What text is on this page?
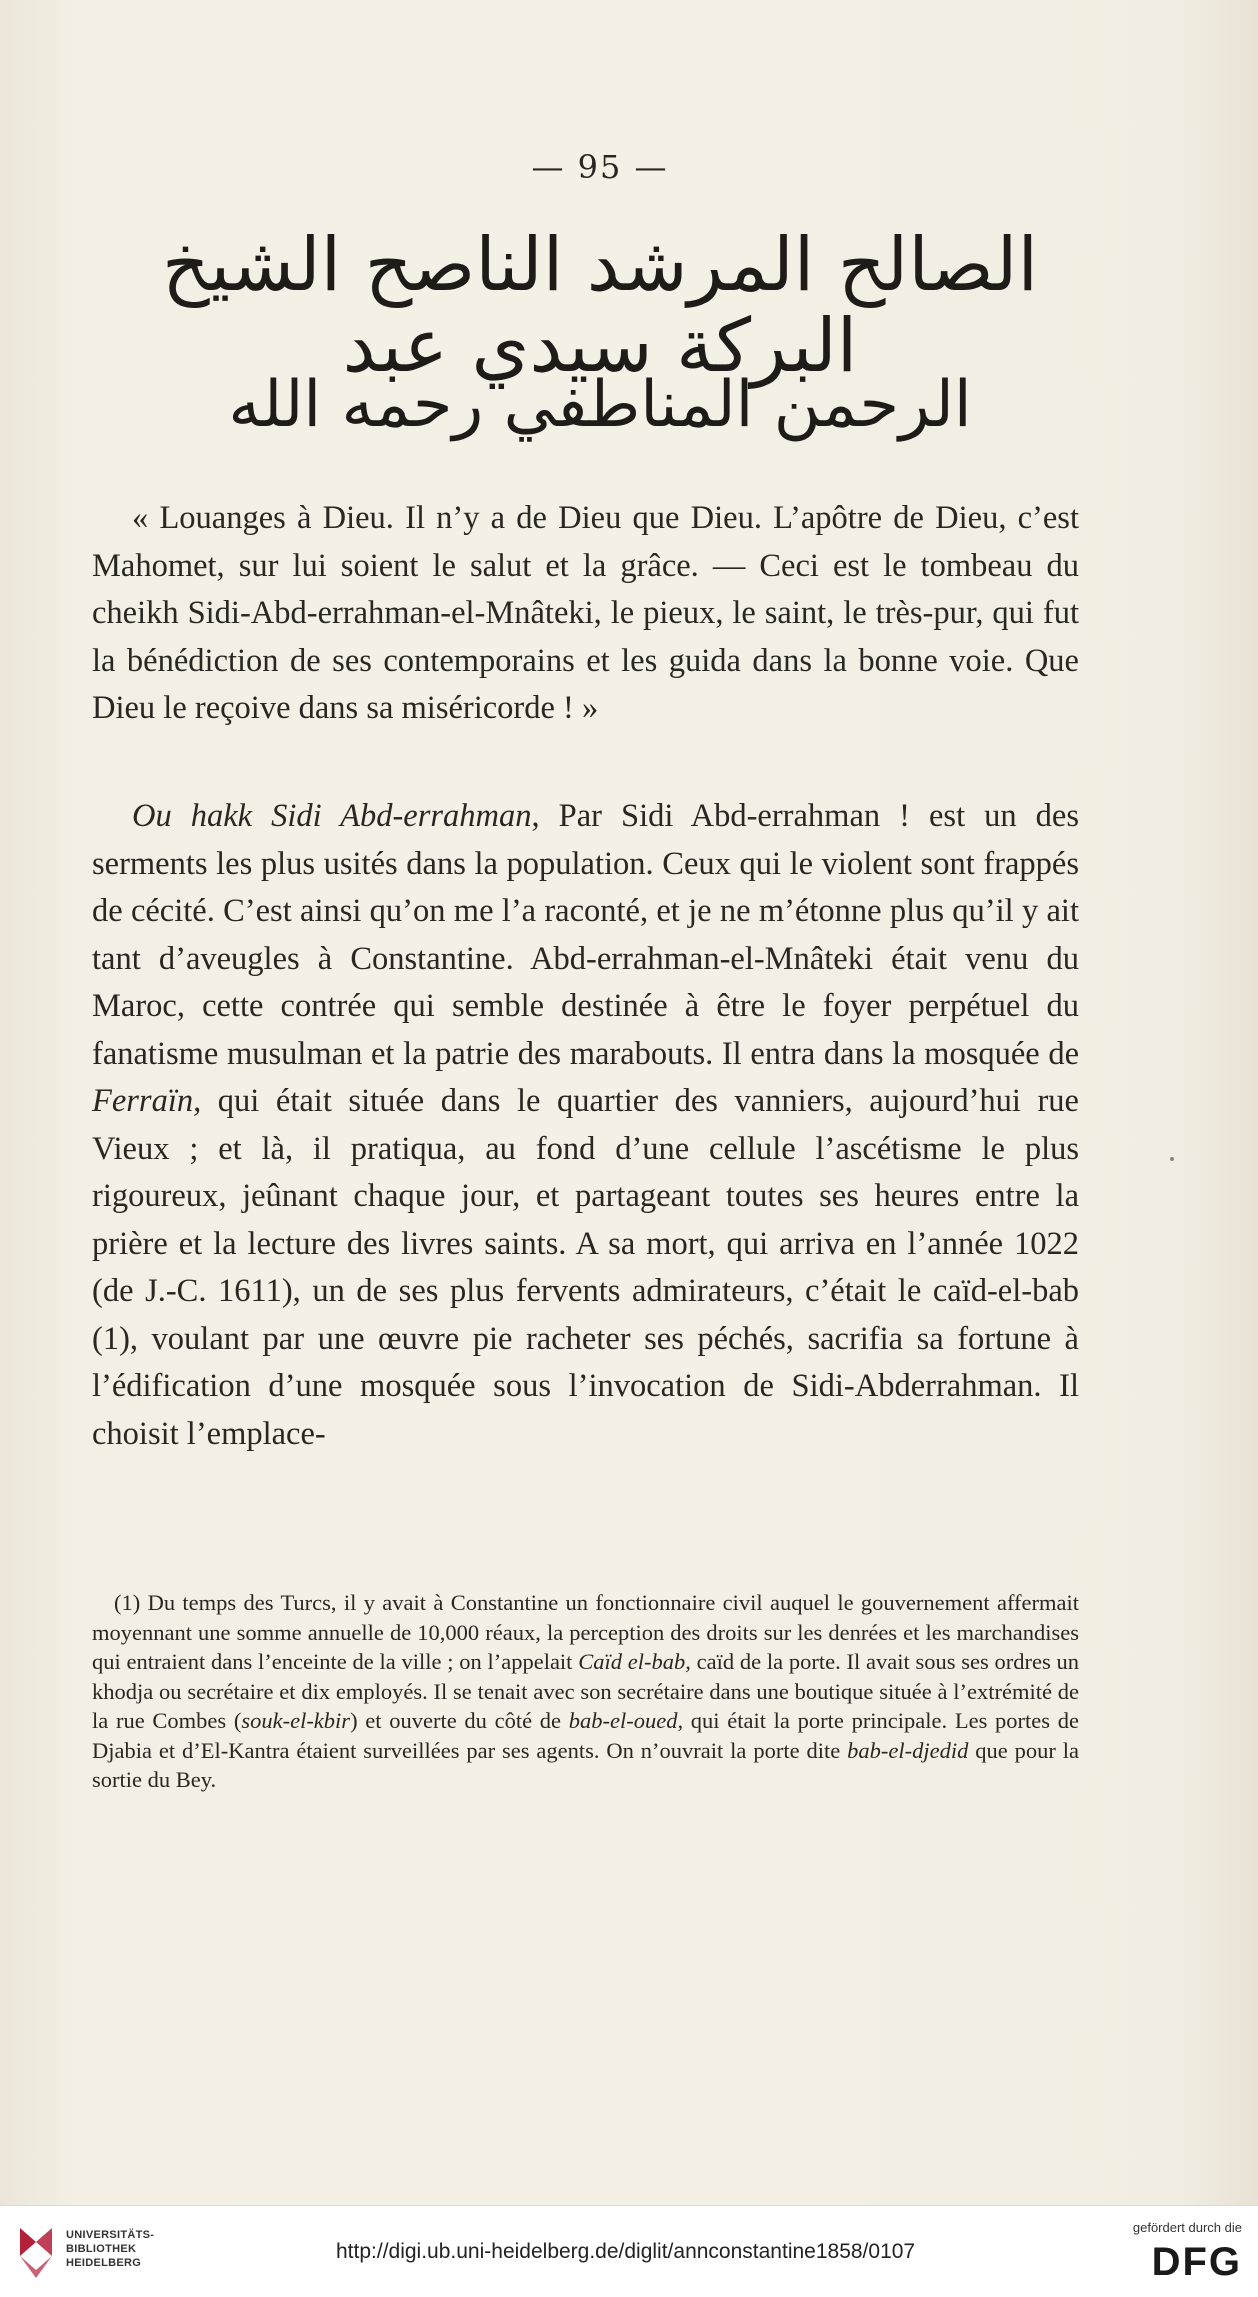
— 95 —
الصالح المرشد الناصح الشيخ البركة سيدي عبد
الرحمن المناطفي رحمه الله

« Louanges à Dieu. Il n’y a de Dieu que Dieu. L’apôtre de Dieu, c’est Mahomet, sur lui soient le salut et la grâce. — Ceci est le tombeau du cheikh Sidi-Abd-errahman-el-Mnâteki, le pieux, le saint, le très-pur, qui fut la bénédiction de ses contemporains et les guida dans la bonne voie. Que Dieu le reçoive dans sa miséricorde ! »

Ou hakk Sidi Abd-errahman, Par Sidi Abd-errahman ! est un des serments les plus usités dans la population. Ceux qui le violent sont frappés de cécité. C’est ainsi qu’on me l’a raconté, et je ne m’étonne plus qu’il y ait tant d’aveugles à Constantine. Abd-errahman-el-Mnâteki était venu du Maroc, cette contrée qui semble destinée à être le foyer perpétuel du fanatisme musulman et la patrie des marabouts. Il entra dans la mosquée de Ferraïn, qui était située dans le quartier des vanniers, aujourd’hui rue Vieux ; et là, il pratiqua, au fond d’une cellule l’ascétisme le plus rigoureux, jeûnant chaque jour, et partageant toutes ses heures entre la prière et la lecture des livres saints. A sa mort, qui arriva en l’année 1022 (de J.-C. 1611), un de ses plus fervents admirateurs, c’était le caïd-el-bab (1), voulant par une œuvre pie racheter ses péchés, sacrifia sa fortune à l’édification d’une mosquée sous l’invocation de Sidi-Abderrahman. Il choisit l’emplace-

(1) Du temps des Turcs, il y avait à Constantine un fonctionnaire civil auquel le gouvernement affermait moyennant une somme annuelle de 10,000 réaux, la perception des droits sur les denrées et les marchandises qui entraient dans l’enceinte de la ville ; on l’appelait Caïd el-bab, caïd de la porte. Il avait sous ses ordres un khodja ou secrétaire et dix employés. Il se tenait avec son secrétaire dans une boutique située à l’extrémité de la rue Combes (souk-el-kbir) et ouverte du côté de bab-el-oued, qui était la porte principale. Les portes de Djabia et d’El-Kantra étaient surveillées par ses agents. On n’ouvrait la porte dite bab-el-djedid que pour la sortie du Bey.

UNIVERSITÄTS-
BIBLIOTHEK
HEIDELBERG	http://digi.ub.uni-heidelberg.de/diglit/annconstantine1858/0107
gefördert durch die
DFG
